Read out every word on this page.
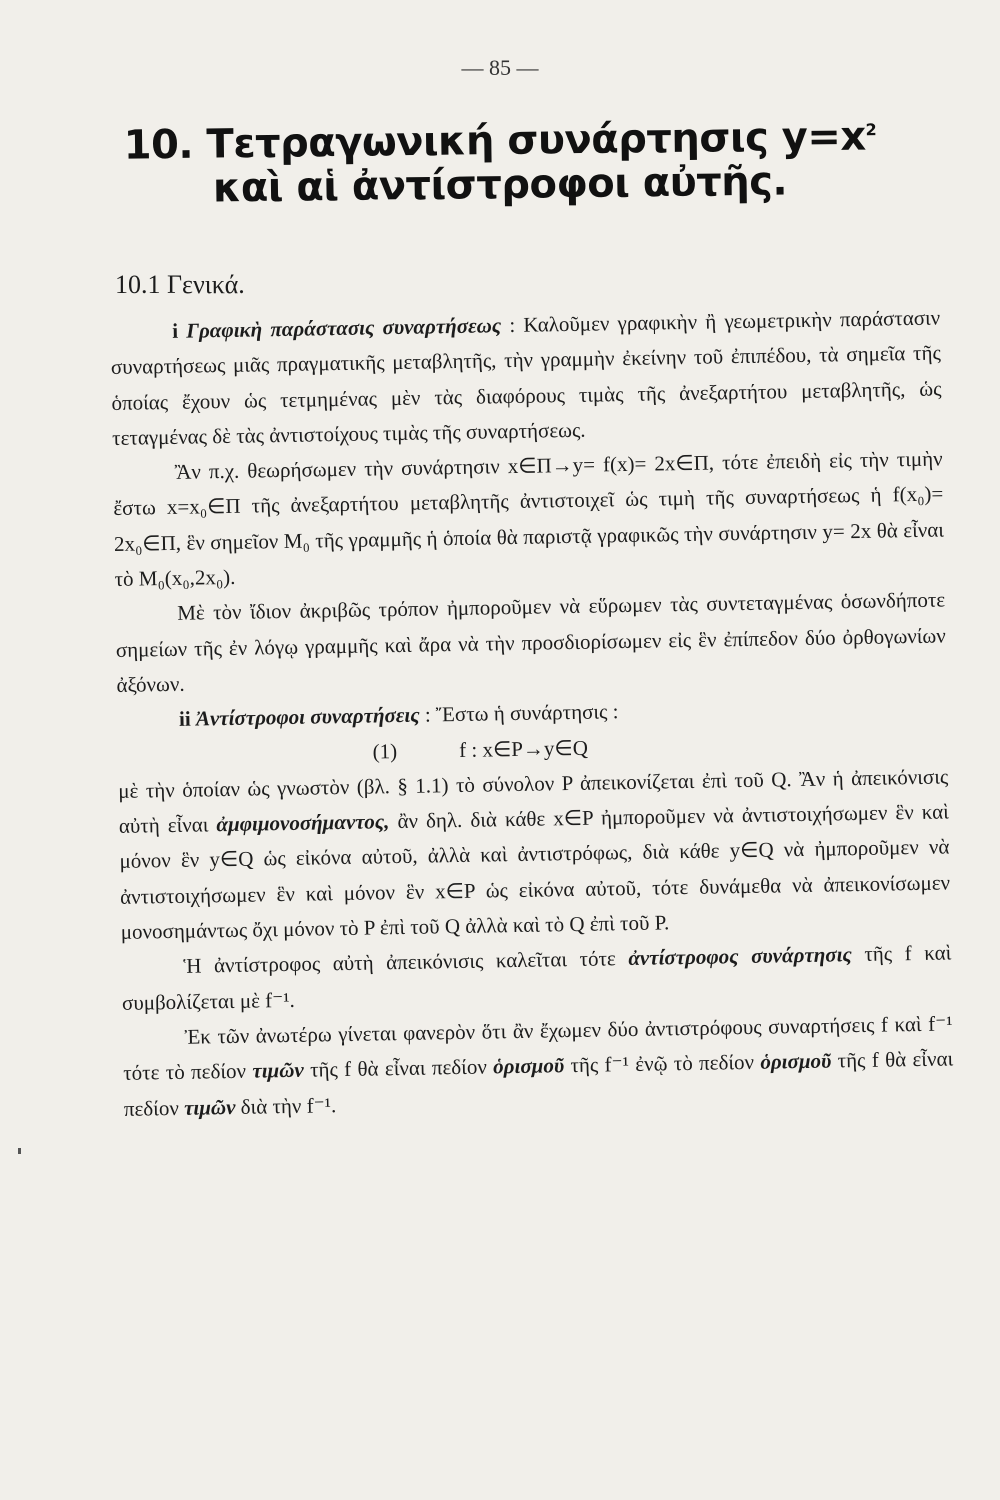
— 85 —
10. Τετραγωνική συνάρτησις $y=x^2$
καὶ αἱ ἀντίστροφοι αὐτῆς.
10.1 Γενικά.

i Γραφικὴ παράστασις συναρτήσεως : Καλοῦμεν γραφικὴν ἢ γεωμετρικὴν παράστασιν συναρτήσεως μιᾶς πραγματικῆς μεταβλητῆς, τὴν γραμμὴν ἐκείνην τοῦ ἐπιπέδου, τὰ σημεῖα τῆς ὁποίας ἔχουν ὡς τετμημένας μὲν τὰς διαφόρους τιμὰς τῆς ἀνεξαρτήτου μεταβλητῆς, ὡς τεταγμένας δὲ τὰς ἀντιστοίχους τιμὰς τῆς συναρτήσεως.

Ἂν π.χ. θεωρήσωμεν τὴν συνάρτησιν x∈Π→y= f(x)= 2x∈Π, τότε ἐπειδὴ εἰς τὴν τιμὴν ἔστω x=x₀∈Π τῆς ἀνεξαρτήτου μεταβλητῆς ἀντιστοιχεῖ ὡς τιμὴ τῆς συναρτήσεως ἡ f(x₀)= 2x₀∈Π, ἓν σημεῖον M₀ τῆς γραμμῆς ἡ ὁποία θὰ παριστᾷ γραφικῶς τὴν συνάρτησιν y= 2x θὰ εἶναι τὸ M₀(x₀,2x₀).

Μὲ τὸν ἴδιον ἀκριβῶς τρόπον ἠμποροῦμεν νὰ εὕρωμεν τὰς συντεταγμένας ὁσωνδήποτε σημείων τῆς ἐν λόγῳ γραμμῆς καὶ ἄρα νὰ τὴν προσδιορίσωμεν εἰς ἓν ἐπίπεδον δύο ὀρθογωνίων ἀξόνων.

ii Ἀντίστροφοι συναρτήσεις : Ἔστω ἡ συνάρτησις :

(1)	f : x∈P→y∈Q

μὲ τὴν ὁποίαν ὡς γνωστὸν (βλ. § 1.1) τὸ σύνολον P ἀπεικονίζεται ἐπὶ τοῦ Q. Ἂν ἡ ἀπεικόνισις αὐτὴ εἶναι ἀμφιμονοσήμαντος, ἂν δηλ. διὰ κάθε x∈P ἠμποροῦμεν νὰ ἀντιστοιχήσωμεν ἓν καὶ μόνον ἓν y∈Q ὡς εἰκόνα αὐτοῦ, ἀλλὰ καὶ ἀντιστρόφως, διὰ κάθε y∈Q νὰ ἠμποροῦμεν νὰ ἀντιστοιχήσωμεν ἓν καὶ μόνον ἓν x∈P ὡς εἰκόνα αὐτοῦ, τότε δυνάμεθα νὰ ἀπεικονίσωμεν μονοσημάντως ὄχι μόνον τὸ P ἐπὶ τοῦ Q ἀλλὰ καὶ τὸ Q ἐπὶ τοῦ P.

Ἡ ἀντίστροφος αὐτὴ ἀπεικόνισις καλεῖται τότε ἀντίστροφος συνάρτησις τῆς f καὶ συμβολίζεται μὲ f⁻¹.

Ἐκ τῶν ἀνωτέρω γίνεται φανερὸν ὅτι ἂν ἔχωμεν δύο ἀντιστρόφους συναρτήσεις f καὶ f⁻¹ τότε τὸ πεδίον τιμῶν τῆς f θὰ εἶναι πεδίον ὁρισμοῦ τῆς f⁻¹ ἐνῷ τὸ πεδίον ὁρισμοῦ τῆς f θὰ εἶναι πεδίον τιμῶν διὰ τὴν f⁻¹.
